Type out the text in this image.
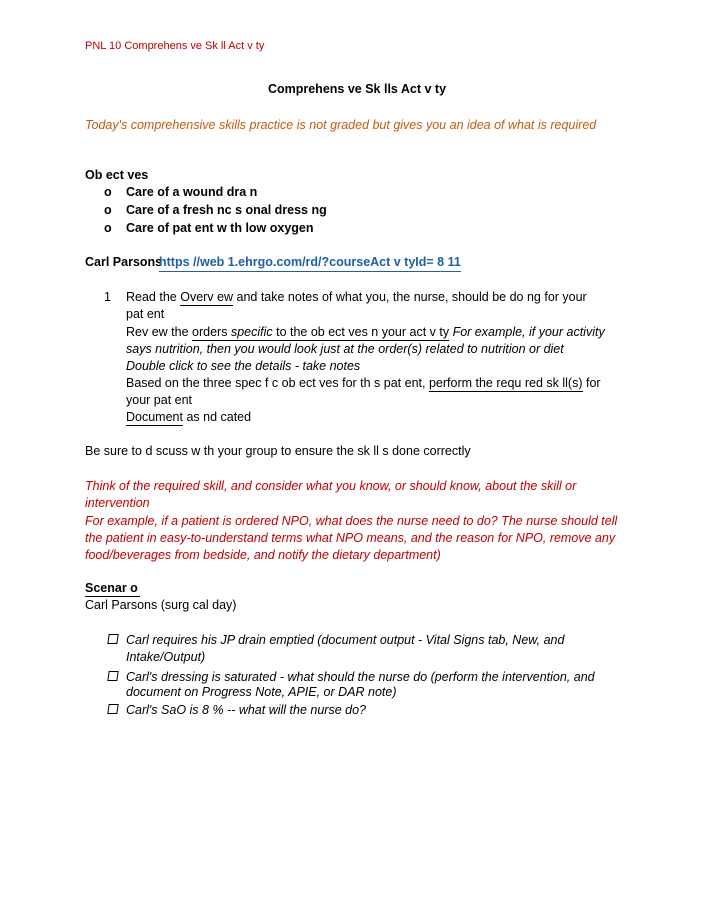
PNL 10 Comprehens ve Sk ll Act v ty
Comprehens ve Sk lls Act v ty
Today's comprehensive skills practice is not graded but gives you an idea of what is required
Ob ect ves
o Care of a wound dra n
o Care of a fresh nc s onal dress ng
o Care of pat ent w th low oxygen
Carl Parsons
https //web 1.ehrgo.com/rd/?courseAct v tyId= 8 11
1 Read the Overv ew and take notes of what you, the nurse, should be do ng for your
pat ent
Rev ew the orders specific to the ob ect ves n your act v ty For example, if your activity
says nutrition, then you would look just at the order(s) related to nutrition or diet
Double click to see the details - take notes
Based on the three spec f c ob ect ves for th s pat ent, perform the requ red sk ll(s) for
your pat ent
Document as nd cated
Be sure to d scuss w th your group to ensure the sk ll s done correctly
Think of the required skill, and consider what you know, or should know, about the skill or
intervention
For example, if a patient is ordered NPO, what does the nurse need to do? The nurse should tell
the patient in easy-to-understand terms what NPO means, and the reason for NPO, remove any
food/beverages from bedside, and notify the dietary department)
Scenar o
Carl Parsons (surg cal day)
Carl requires his JP drain emptied (document output - Vital Signs tab, New, and
Intake/Output)
Carl's dressing is saturated - what should the nurse do (perform the intervention, and
document on Progress Note, APIE, or DAR note)
Carl's SaO is 8 % -- what will the nurse do?
